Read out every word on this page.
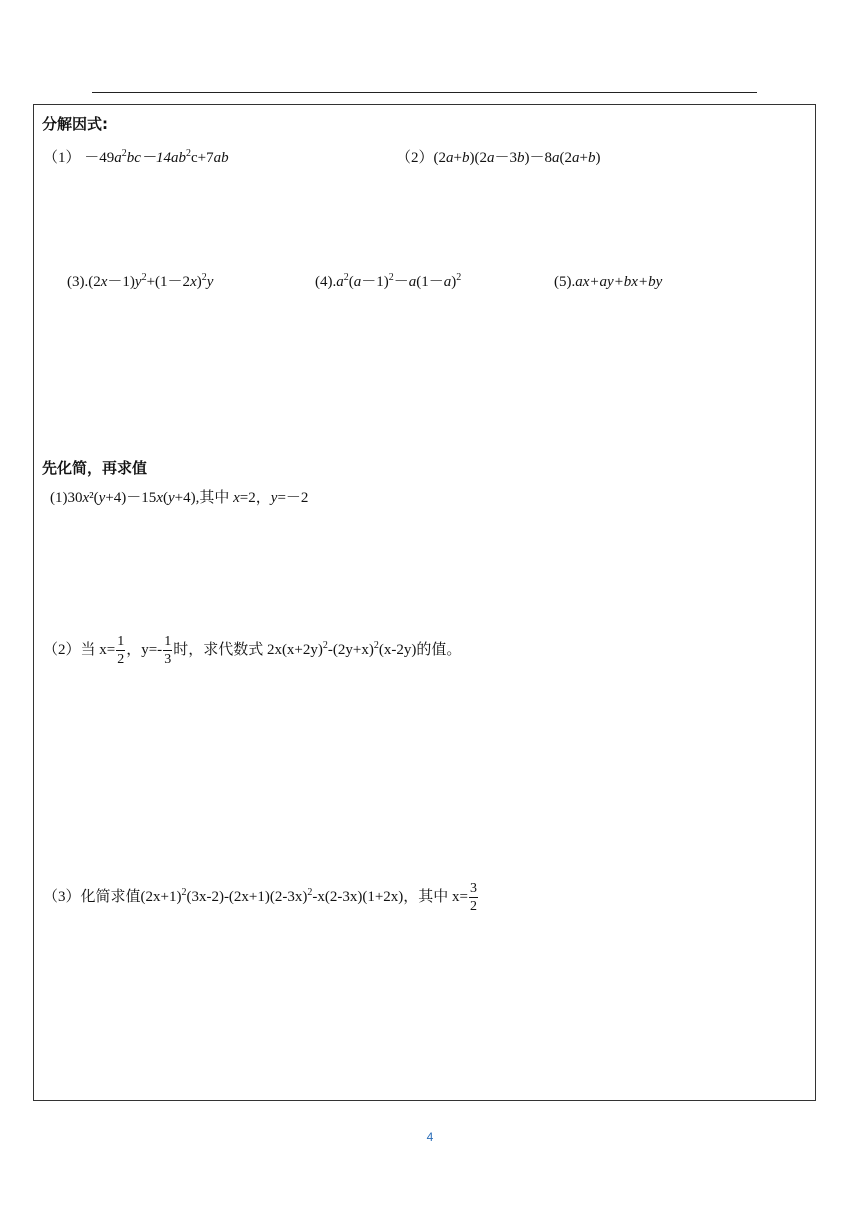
分解因式:
$(1) -49a^2bc-14ab^2c+7ab$	（2）(2a+b)(2a－3b)－8a(2a+b)
$(3).(2x-1)y^2+(1-2x)^2y$	$(4).a^2(a-1)^2-a(1-a)^2$	(5).ax+ay+bx+by
先化简，再求值
(1)30x²(y+4)－15x(y+4),其中 x=2，y=－2
（2）当 $x= \frac{1}{2}$ ，$y=- \frac{1}{3}$ 时，求代数式 $2x(x+2y)^2-(2y+x)^2(x-2y)$的值。
（3）化简求值$(2x+1)^2(3x-2)-(2x+1)(2-3x)^2-x(2-3x)(1+2x)$，其中 $x= \frac{3}{2}$
4
